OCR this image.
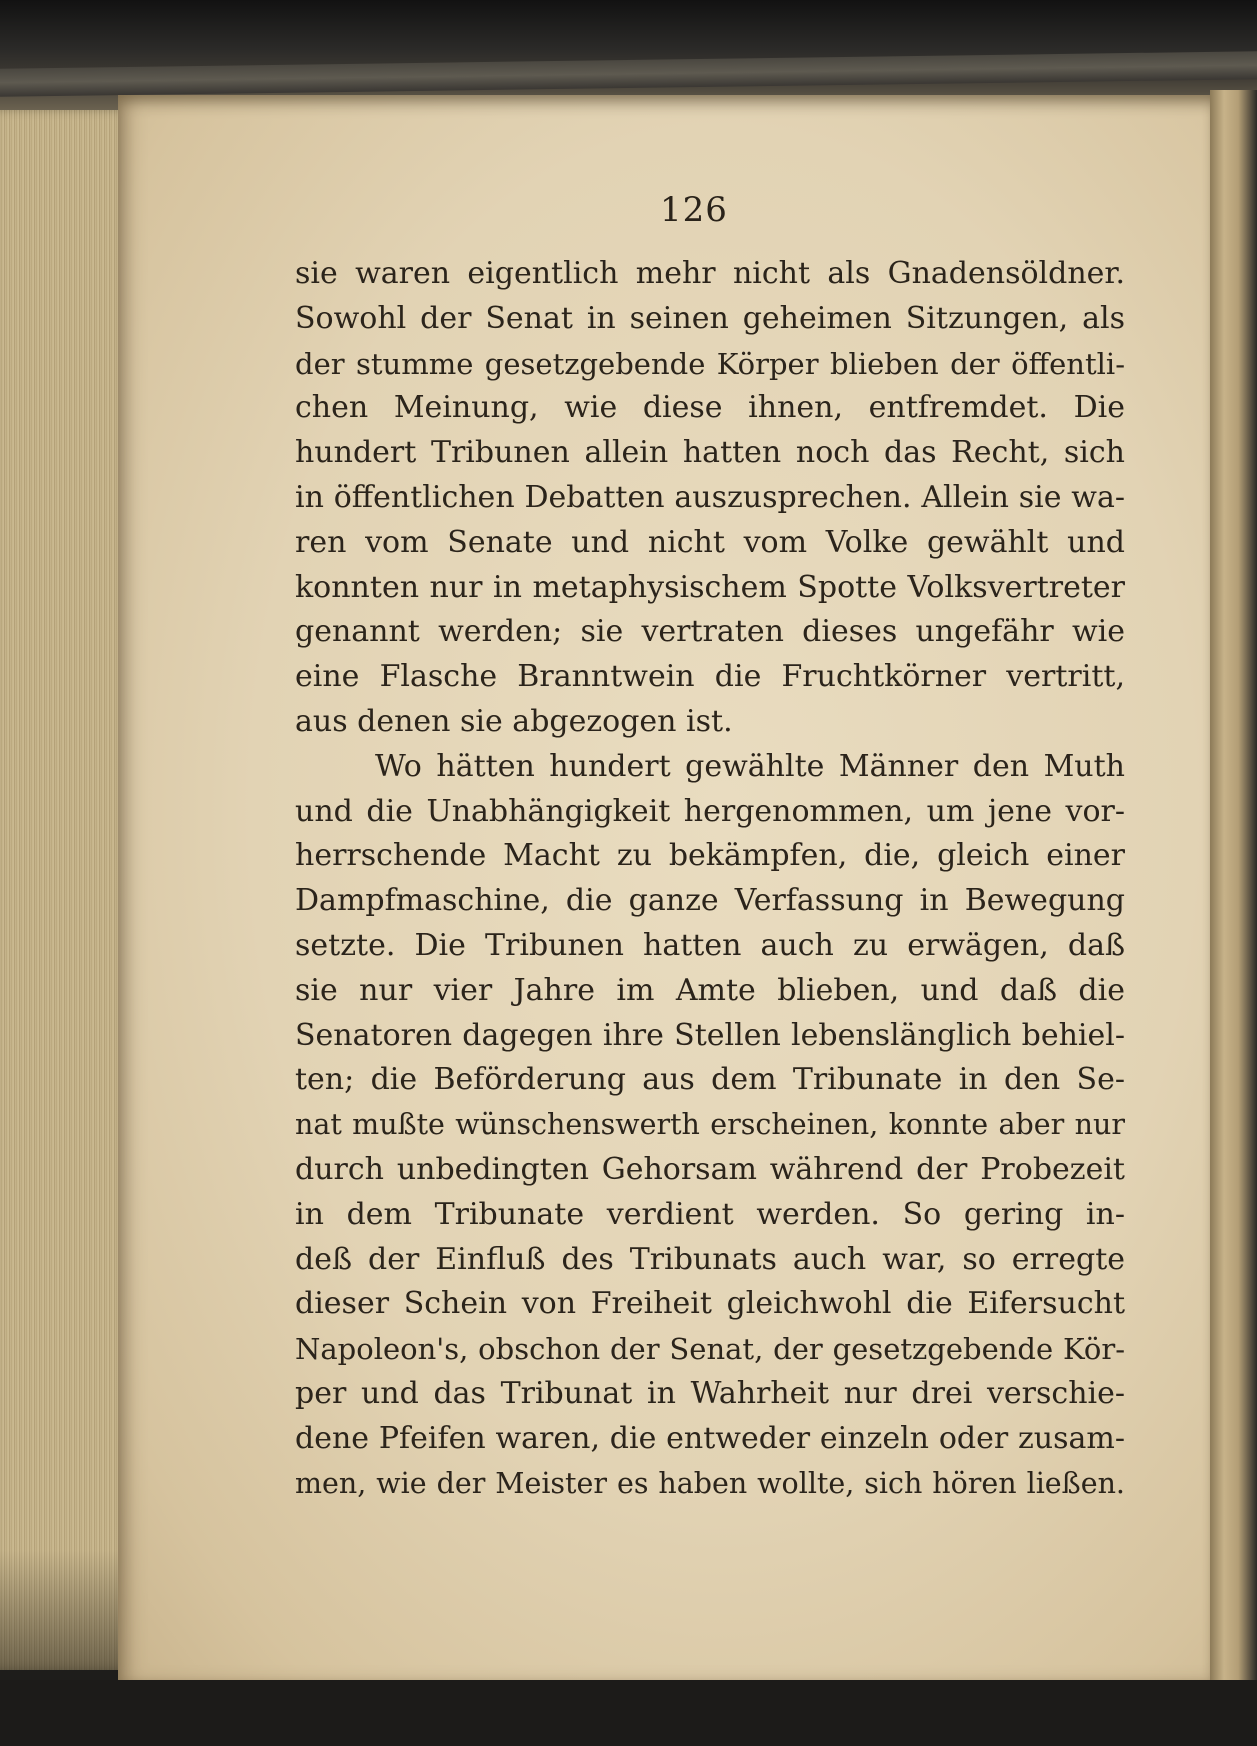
126
sie waren eigentlich mehr nicht als Gnadensöldner.
Sowohl der Senat in seinen geheimen Sitzungen, als
der stumme gesetzgebende Körper blieben der öffentli-
chen Meinung, wie diese ihnen, entfremdet. Die
hundert Tribunen allein hatten noch das Recht, sich
in öffentlichen Debatten auszusprechen. Allein sie wa-
ren vom Senate und nicht vom Volke gewählt und
konnten nur in metaphysischem Spotte Volksvertreter
genannt werden; sie vertraten dieses ungefähr wie
eine Flasche Branntwein die Fruchtkörner vertritt,
aus denen sie abgezogen ist.
Wo hätten hundert gewählte Männer den Muth
und die Unabhängigkeit hergenommen, um jene vor-
herrschende Macht zu bekämpfen, die, gleich einer
Dampfmaschine, die ganze Verfassung in Bewegung
setzte. Die Tribunen hatten auch zu erwägen, daß
sie nur vier Jahre im Amte blieben, und daß die
Senatoren dagegen ihre Stellen lebenslänglich behiel-
ten; die Beförderung aus dem Tribunate in den Se-
nat mußte wünschenswerth erscheinen, konnte aber nur
durch unbedingten Gehorsam während der Probezeit
in dem Tribunate verdient werden. So gering in-
deß der Einfluß des Tribunats auch war, so erregte
dieser Schein von Freiheit gleichwohl die Eifersucht
Napoleon's, obschon der Senat, der gesetzgebende Kör-
per und das Tribunat in Wahrheit nur drei verschie-
dene Pfeifen waren, die entweder einzeln oder zusam-
men, wie der Meister es haben wollte, sich hören ließen.
